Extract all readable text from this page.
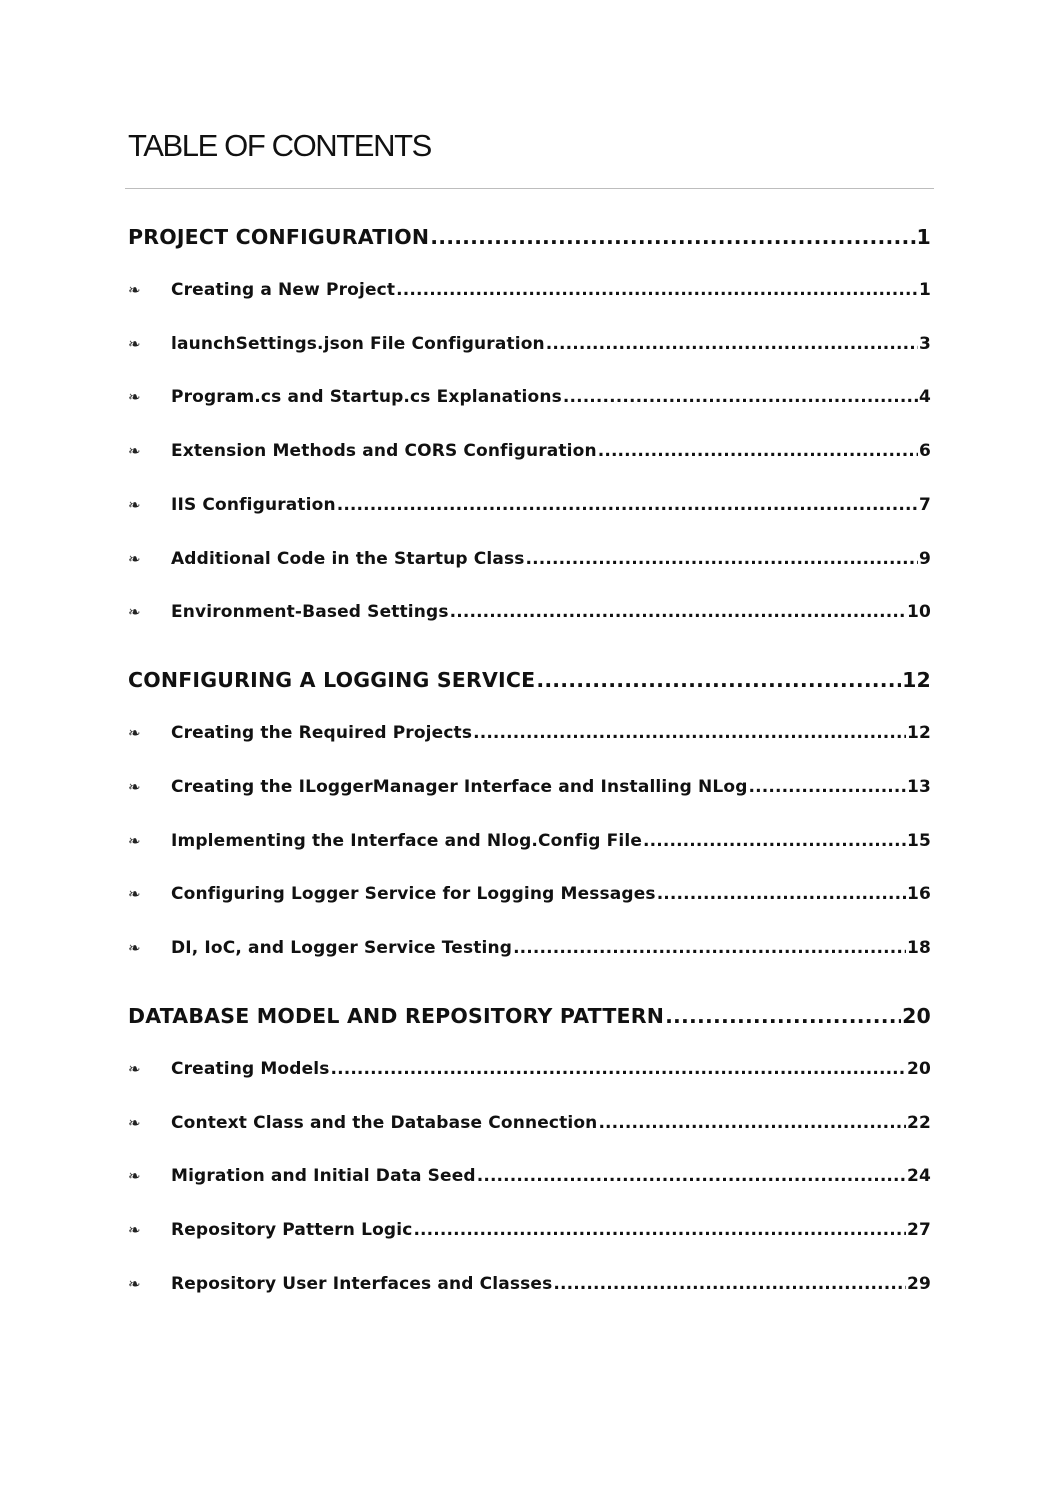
TABLE OF CONTENTS
PROJECT CONFIGURATION .....	1
❧	Creating a New Project .....	1
❧	launchSettings.json File Configuration .....	3
❧	Program.cs and Startup.cs Explanations .....	4
❧	Extension Methods and CORS Configuration .....	6
❧	IIS Configuration .....	7
❧	Additional Code in the Startup Class .....	9
❧	Environment-Based Settings .....	10
CONFIGURING A LOGGING SERVICE .....	12
❧	Creating the Required Projects .....	12
❧	Creating the ILoggerManager Interface and Installing NLog .....	13
❧	Implementing the Interface and Nlog.Config File .....	15
❧	Configuring Logger Service for Logging Messages .....	16
❧	DI, IoC, and Logger Service Testing .....	18
DATABASE MODEL AND REPOSITORY PATTERN .....	20
❧	Creating Models .....	20
❧	Context Class and the Database Connection .....	22
❧	Migration and Initial Data Seed .....	24
❧	Repository Pattern Logic .....	27
❧	Repository User Interfaces and Classes .....	29
